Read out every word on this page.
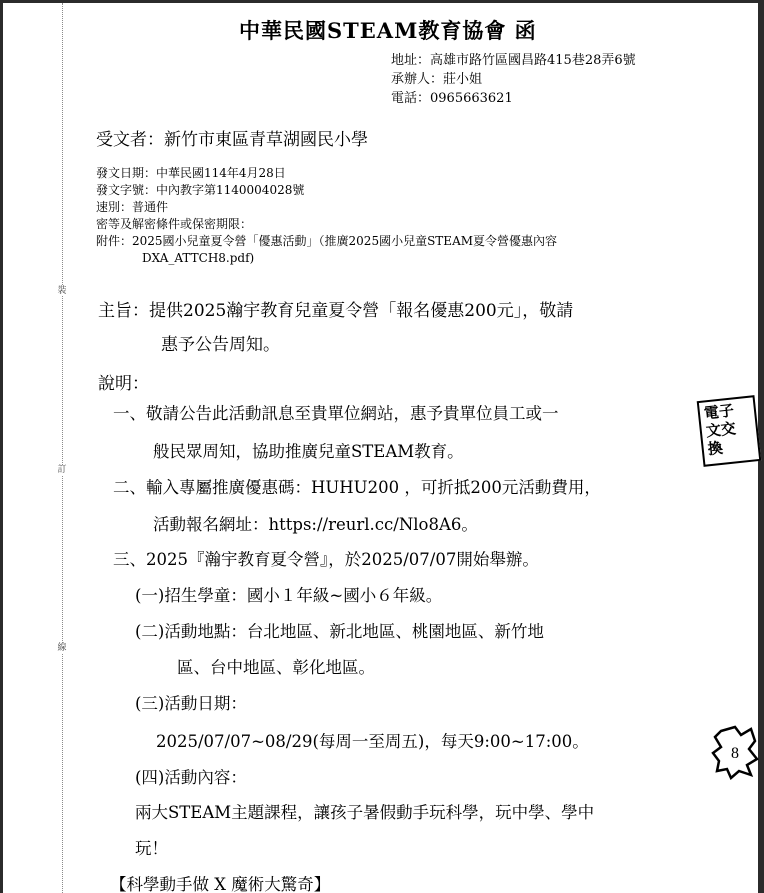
裝
訂
線
中華民國STEAM教育協會 函
地址：高雄市路竹區國昌路415巷28弄6號
承辦人：莊小姐
電話：0965663621
受文者：新竹市東區青草湖國民小學
發文日期：中華民國114年4月28日
發文字號：中內教字第1140004028號
速別：普通件
密等及解密條件或保密期限：
附件：2025國小兒童夏令營「優惠活動」（推廣2025國小兒童STEAM夏令營優惠內容
DXA_ATTCH8.pdf)
主旨：提供2025瀚宇教育兒童夏令營「報名優惠200元」，敬請
惠予公告周知。
說明：
一、敬請公告此活動訊息至貴單位網站，惠予貴單位員工或一
般民眾周知，協助推廣兒童STEAM教育。
二、輸入專屬推廣優惠碼：HUHU200 ，可折抵200元活動費用，
活動報名網址：https://reurl.cc/Nlo8A6。
三、2025『瀚宇教育夏令營』，於2025/07/07開始舉辦。
(一)招生學童：國小１年級~國小６年級。
(二)活動地點：台北地區、新北地區、桃園地區、新竹地
區、台中地區、彰化地區。
(三)活動日期：
2025/07/07~08/29(每周一至周五)，每天9:00~17:00。
(四)活動內容：
兩大STEAM主題課程，讓孩子暑假動手玩科學，玩中學、學中
玩！
【科學動手做 X 魔術大驚奇】
電子
文交
換
8
